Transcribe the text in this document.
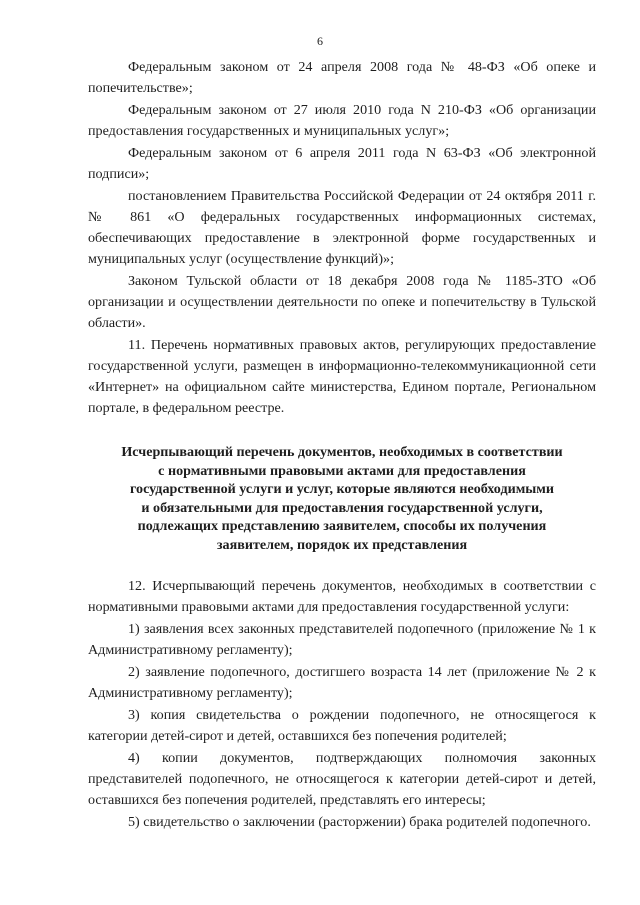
6

Федеральным законом от 24 апреля 2008 года № 48-ФЗ «Об опеке и попечительстве»;

Федеральным законом от 27 июля 2010 года N 210-ФЗ «Об организации предоставления государственных и муниципальных услуг»;

Федеральным законом от 6 апреля 2011 года N 63-ФЗ «Об электронной подписи»;

постановлением Правительства Российской Федерации от 24 октября 2011 г. № 861 «О федеральных государственных информационных системах, обеспечивающих предоставление в электронной форме государственных и муниципальных услуг (осуществление функций)»;

Законом Тульской области от 18 декабря 2008 года № 1185-ЗТО «Об организации и осуществлении деятельности по опеке и попечительству в Тульской области».

11. Перечень нормативных правовых актов, регулирующих предоставление государственной услуги, размещен в информационно-телекоммуникационной сети «Интернет» на официальном сайте министерства, Едином портале, Региональном портале, в федеральном реестре.

Исчерпывающий перечень документов, необходимых в соответствии
с нормативными правовыми актами для предоставления
государственной услуги и услуг, которые являются необходимыми
и обязательными для предоставления государственной услуги,
подлежащих представлению заявителем, способы их получения
заявителем, порядок их представления

12. Исчерпывающий перечень документов, необходимых в соответствии с нормативными правовыми актами для предоставления государственной услуги:

1) заявления всех законных представителей подопечного (приложение № 1 к Административному регламенту);

2) заявление подопечного, достигшего возраста 14 лет (приложение № 2 к Административному регламенту);

3) копия свидетельства о рождении подопечного, не относящегося к категории детей-сирот и детей, оставшихся без попечения родителей;

4) копии документов, подтверждающих полномочия законных представителей подопечного, не относящегося к категории детей-сирот и детей, оставшихся без попечения родителей, представлять его интересы;

5) свидетельство о заключении (расторжении) брака родителей подопечного.
